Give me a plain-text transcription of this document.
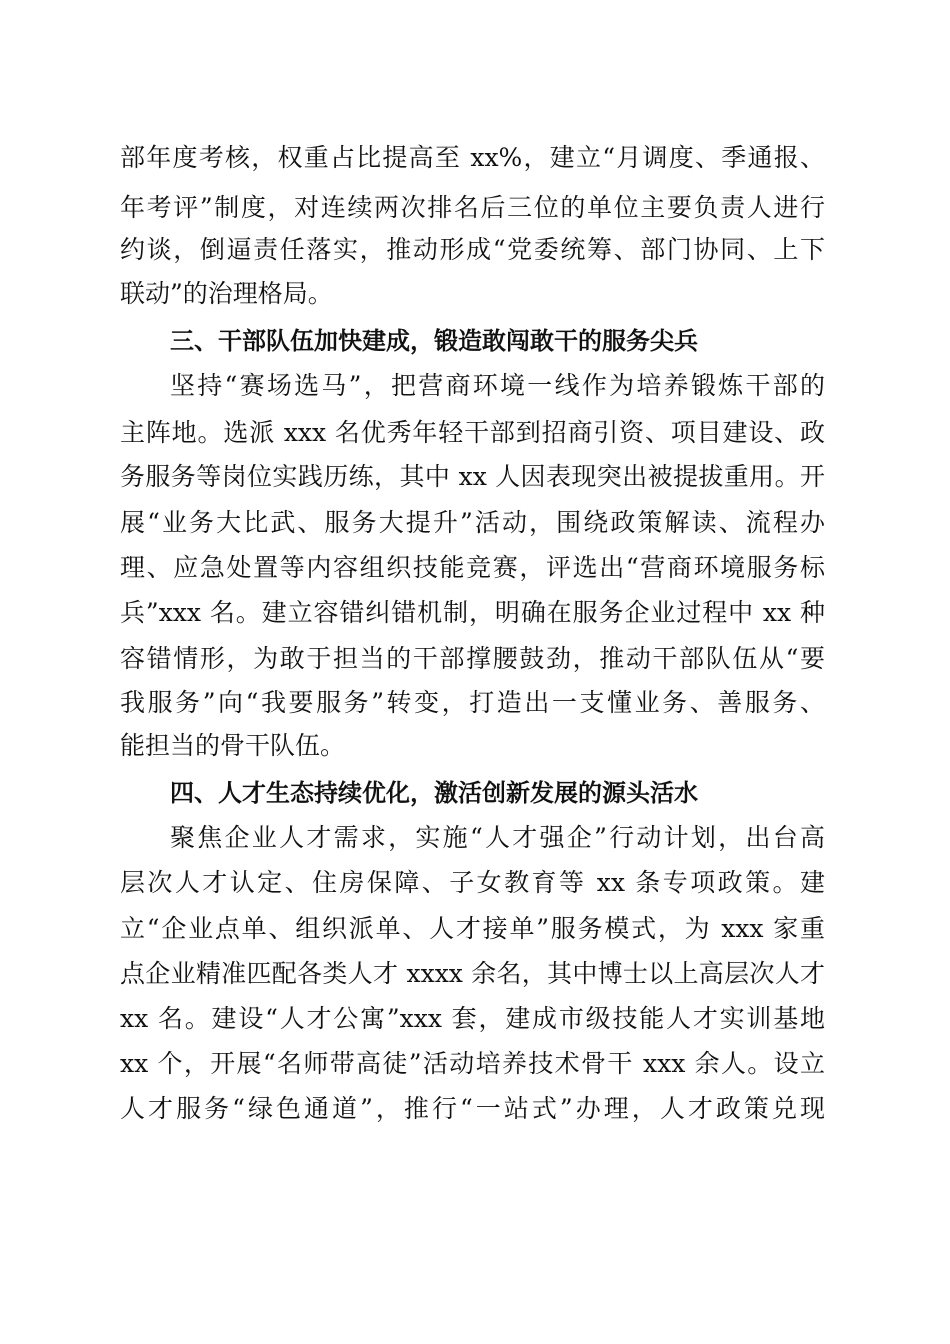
部年度考核，权重占比提高至 xx%，建立“月调度、季通报、
年考评”制度，对连续两次排名后三位的单位主要负责人进行
约谈，倒逼责任落实，推动形成“党委统筹、部门协同、上下
联动”的治理格局。
三、干部队伍加快建成，锻造敢闯敢干的服务尖兵
坚持“赛场选马”，把营商环境一线作为培养锻炼干部的
主阵地。选派 xxx 名优秀年轻干部到招商引资、项目建设、政
务服务等岗位实践历练，其中 xx 人因表现突出被提拔重用。开
展“业务大比武、服务大提升”活动，围绕政策解读、流程办
理、应急处置等内容组织技能竞赛，评选出“营商环境服务标
兵”xxx 名。建立容错纠错机制，明确在服务企业过程中 xx 种
容错情形，为敢于担当的干部撑腰鼓劲，推动干部队伍从“要
我服务”向“我要服务”转变，打造出一支懂业务、善服务、
能担当的骨干队伍。
四、人才生态持续优化，激活创新发展的源头活水
聚焦企业人才需求，实施“人才强企”行动计划，出台高
层次人才认定、住房保障、子女教育等 xx 条专项政策。建
立“企业点单、组织派单、人才接单”服务模式，为 xxx 家重
点企业精准匹配各类人才 xxxx 余名，其中博士以上高层次人才
xx 名。建设“人才公寓”xxx 套，建成市级技能人才实训基地
xx 个，开展“名师带高徒”活动培养技术骨干 xxx 余人。设立
人才服务“绿色通道”，推行“一站式”办理，人才政策兑现
